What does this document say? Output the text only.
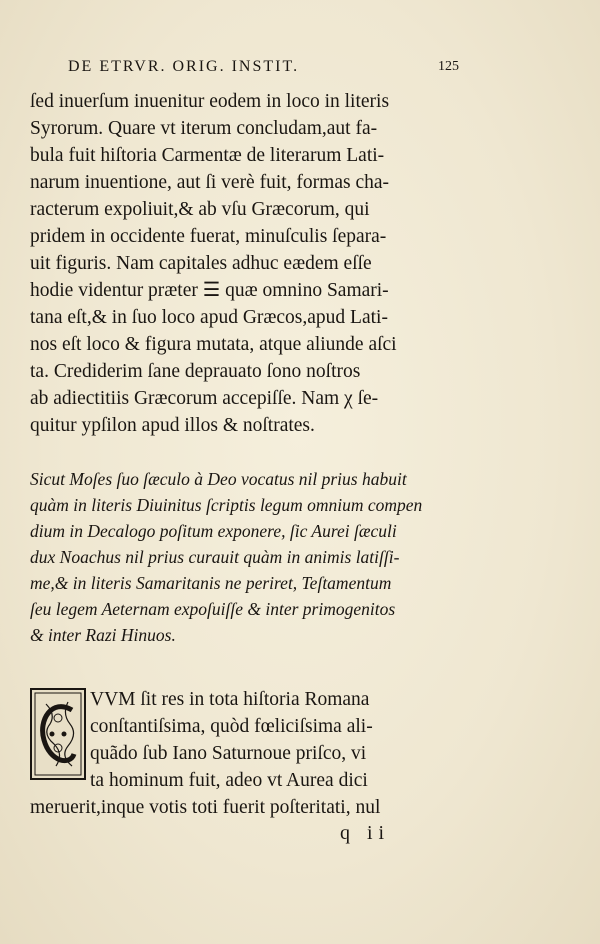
DE ETRVR. ORIG. INSTIT.	125
ſed inuerſum inuenitur eodem in loco in literis
Syrorum. Quare vt iterum concludam,aut fa-
bula fuit hiſtoria Carmentæ de literarum Lati-
narum inuentione, aut ſi verè fuit, formas cha-
racterum expoliuit,& ab vſu Græcorum, qui
pridem in occidente fuerat, minuſculis ſepara-
uit figuris. Nam capitales adhuc eædem eſſe
hodie videntur præter ☰ quæ omnino Samari-
tana eſt,& in ſuo loco apud Græcos,apud Lati-
nos eſt loco & figura mutata, atque aliunde aſci
ta. Crediderim ſane deprauato ſono noſtros
ab adiectitiis Græcorum accepiſſe. Nam χ ſe-
quitur ypſilon apud illos & noſtrates.
Sicut Moſes ſuo ſæculo à Deo vocatus nil prius habuit
quàm in literis Diuinitus ſcriptis legum omnium compen
dium in Decalogo poſitum exponere, ſic Aurei ſæculi
dux Noachus nil prius curauit quàm in animis latiſſi-
me,& in literis Samaritanis ne periret, Teſtamentum
ſeu legem Aeternam expoſuiſſe & inter primogenitos
& inter Razi Hinuos.
VVM ſit res in tota hiſtoria Romana
conſtantiſsima, quòd fœliciſsima ali-
quãdo ſub Iano Saturnoue priſco, vi
ta hominum fuit, adeo vt Aurea dici
meruerit,inque votis toti fuerit poſteritati, nul
q ii
